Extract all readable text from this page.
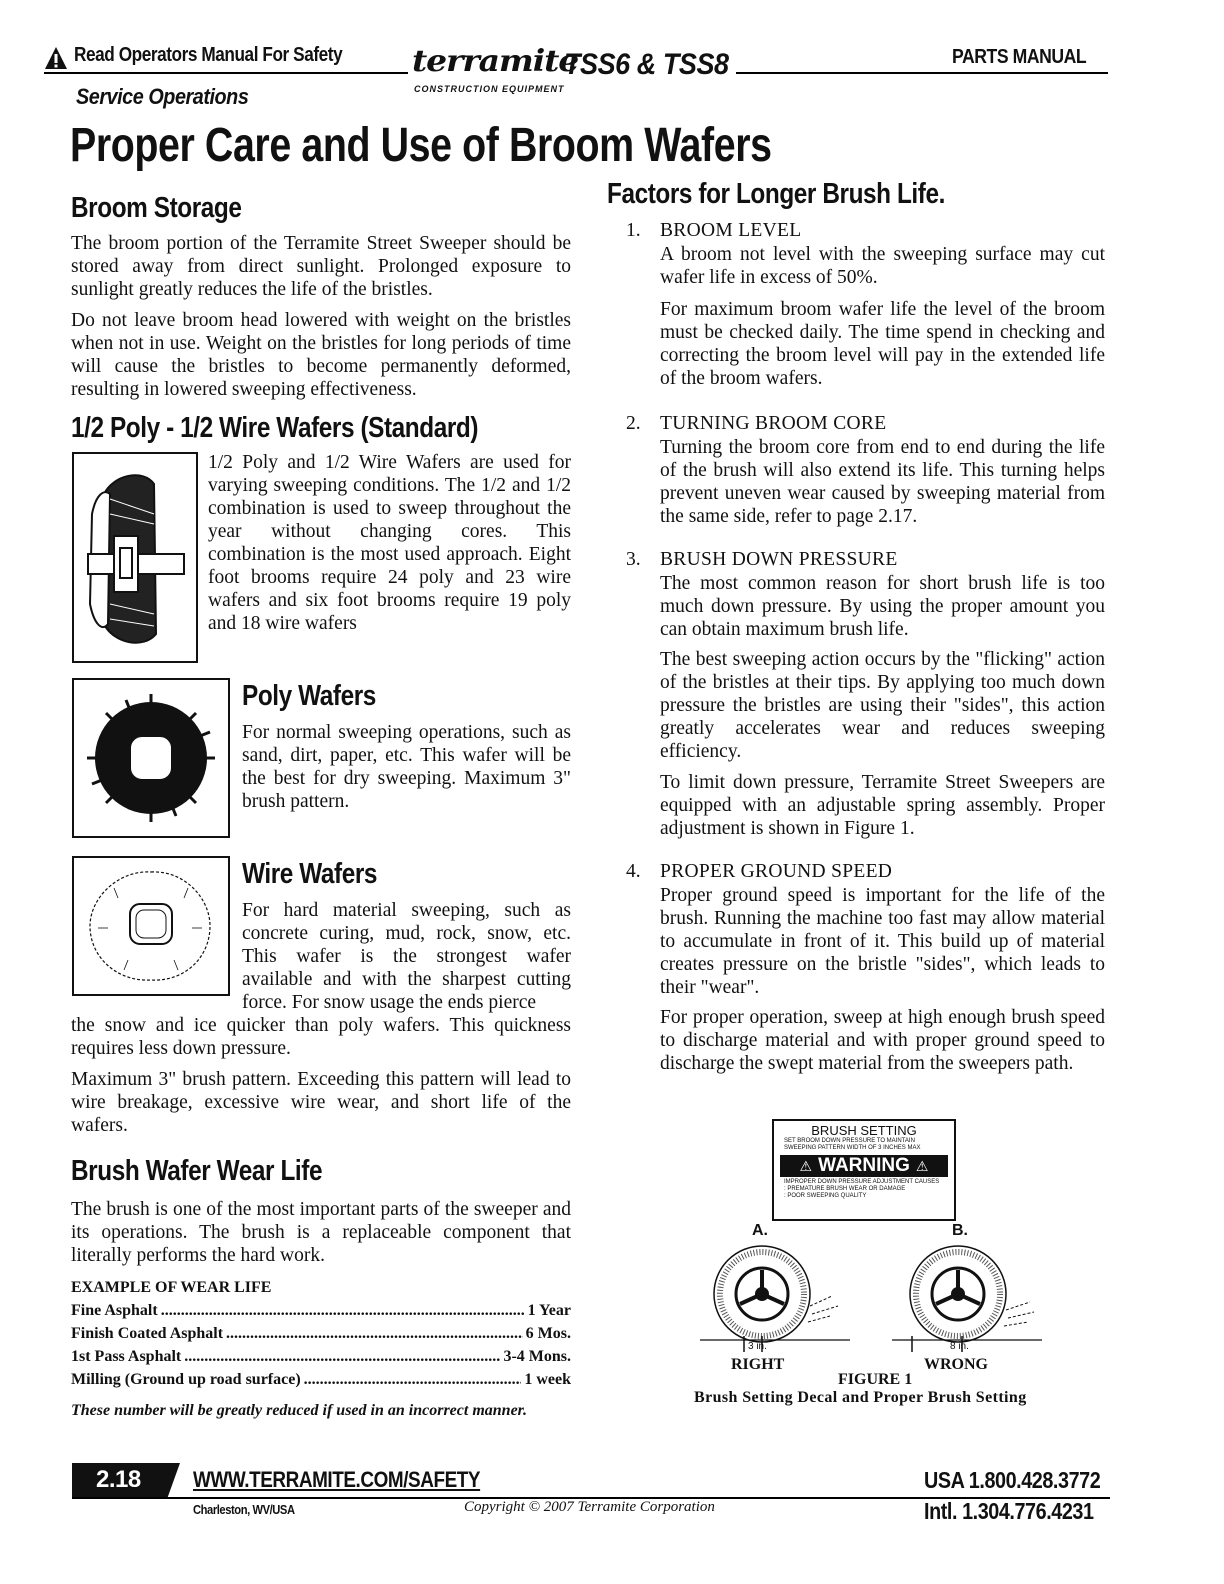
Read Operators Manual For Safety
Service Operations
terramite
CONSTRUCTION EQUIPMENT
TSS6 & TSS8	PARTS MANUAL
Proper Care and Use of Broom Wafers
Broom Storage

The broom portion of the Terramite Street Sweeper should be stored away from direct sunlight. Prolonged exposure to sunlight greatly reduces the life of the bristles.

Do not leave broom head lowered with weight on the bristles when not in use. Weight on the bristles for long periods of time will cause the bristles to become permanently deformed, resulting in lowered sweeping effectiveness.

1/2 Poly - 1/2 Wire Wafers (Standard)

1/2 Poly and 1/2 Wire Wafers are used for varying sweeping conditions. The 1/2 and 1/2 combination is used to sweep throughout the year without changing cores. This combination is the most used approach. Eight foot brooms require 24 poly and 23 wire wafers and six foot brooms require 19 poly and 18 wire wafers

Poly Wafers

For normal sweeping operations, such as sand, dirt, paper, etc. This wafer will be the best for dry sweeping. Maximum 3" brush pattern.

Wire Wafers

For hard material sweeping, such as concrete curing, mud, rock, snow, etc. This wafer is the strongest wafer available and with the sharpest cutting force. For snow usage the ends pierce

the snow and ice quicker than poly wafers. This quickness requires less down pressure.

Maximum 3" brush pattern. Exceeding this pattern will lead to wire breakage, excessive wire wear, and short life of the wafers.

Brush Wafer Wear Life

The brush is one of the most important parts of the sweeper and its operations. The brush is a replaceable component that literally performs the hard work.

EXAMPLE OF WEAR LIFE
Fine Asphalt .....	1 Year
Finish Coated Asphalt .....	6 Mos.
1st Pass Asphalt .....	3-4 Mons.
Milling (Ground up road surface) .....	1 week
These number will be greatly reduced if used in an incorrect manner.
Factors for Longer Brush Life.
1. BROOM LEVEL

A broom not level with the sweeping surface may cut wafer life in excess of 50%.

For maximum broom wafer life the level of the broom must be checked daily. The time spend in checking and correcting the broom level will pay in the extended life of the broom wafers.

2. TURNING BROOM CORE

Turning the broom core from end to end during the life of the brush will also extend its life. This turning helps prevent uneven wear caused by sweeping material from the same side, refer to page 2.17.

3. BRUSH DOWN PRESSURE

The most common reason for short brush life is too much down pressure. By using the proper amount you can obtain maximum brush life.

The best sweeping action occurs by the "flicking" action of the bristles at their tips. By applying too much down pressure the bristles are using their "sides", this action greatly accelerates wear and reduces sweeping efficiency.

To limit down pressure, Terramite Street Sweepers are equipped with an adjustable spring assembly. Proper adjustment is shown in Figure 1.

4. PROPER GROUND SPEED

Proper ground speed is important for the life of the brush. Running the machine too fast may allow material to accumulate in front of it. This build up of material creates pressure on the bristle "sides", which leads to their "wear".

For proper operation, sweep at high enough brush speed to discharge material and with proper ground speed to discharge the swept material from the sweepers path.

BRUSH SETTING
SET BROOM DOWN PRESSURE TO MAINTAIN
SWEEPING PATTERN WIDTH OF 3 INCHES MAX
⚠ WARNING ⚠
IMPROPER DOWN PRESSURE ADJUSTMENT CAUSES
: PREMATURE BRUSH WEAR OR DAMAGE
: POOR SWEEPING QUALITY
A.	B.
3 in.	8 in.
RIGHT	WRONG
FIGURE 1
Brush Setting Decal and Proper Brush Setting
2.18 WWW.TERRAMITE.COM/SAFETY
Charleston, WV/USA	Copyright © 2007 Terramite Corporation
USA 1.800.428.3772
Intl. 1.304.776.4231
